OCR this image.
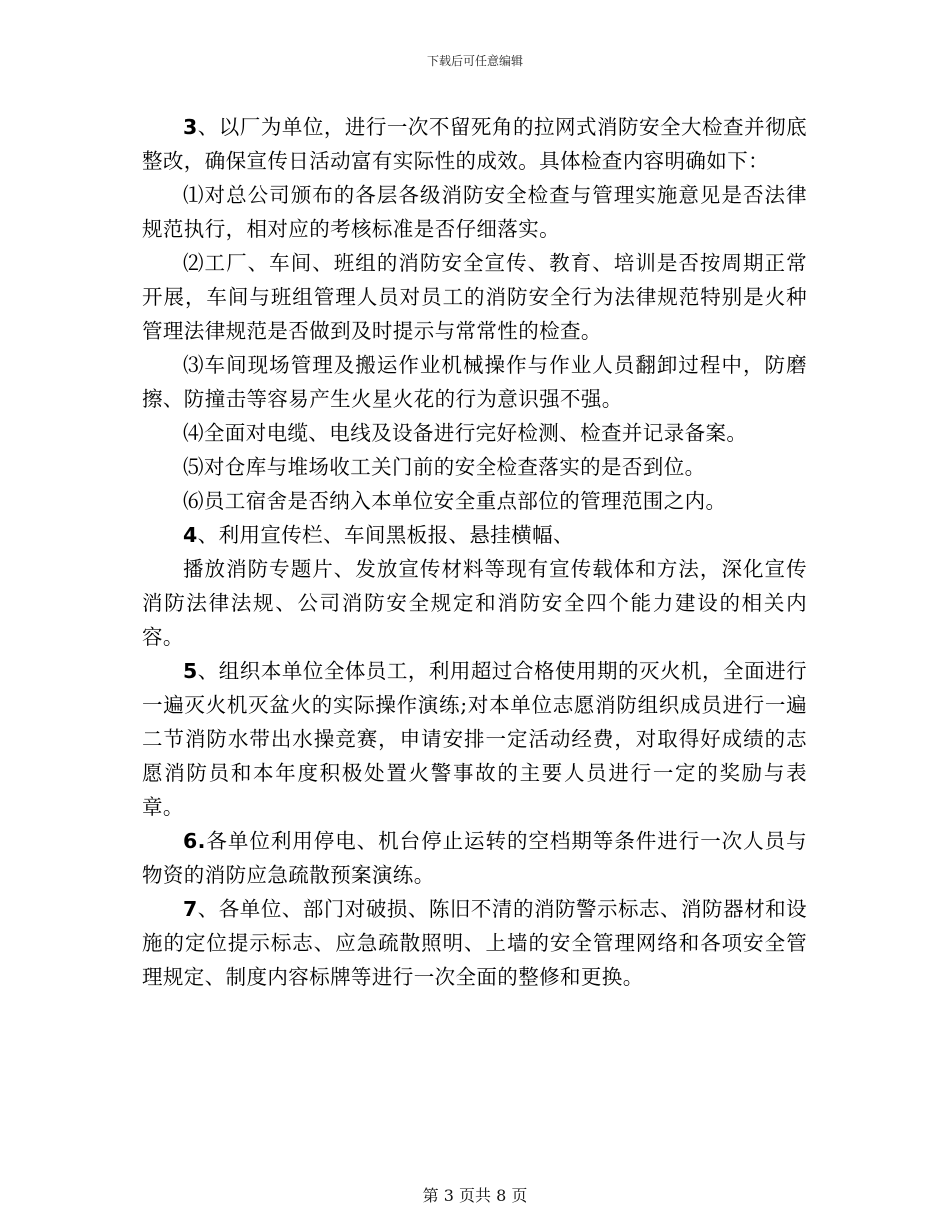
下载后可任意编辑

3、以厂为单位，进行一次不留死角的拉网式消防安全大检查并彻底整改，确保宣传日活动富有实际性的成效。具体检查内容明确如下：

⑴对总公司颁布的各层各级消防安全检查与管理实施意见是否法律规范执行，相对应的考核标准是否仔细落实。

⑵工厂、车间、班组的消防安全宣传、教育、培训是否按周期正常开展，车间与班组管理人员对员工的消防安全行为法律规范特别是火种管理法律规范是否做到及时提示与常常性的检查。

⑶车间现场管理及搬运作业机械操作与作业人员翻卸过程中，防磨擦、防撞击等容易产生火星火花的行为意识强不强。

⑷全面对电缆、电线及设备进行完好检测、检查并记录备案。

⑸对仓库与堆场收工关门前的安全检查落实的是否到位。

⑹员工宿舍是否纳入本单位安全重点部位的管理范围之内。

4、利用宣传栏、车间黑板报、悬挂横幅、

播放消防专题片、发放宣传材料等现有宣传载体和方法，深化宣传消防法律法规、公司消防安全规定和消防安全四个能力建设的相关内容。

5、组织本单位全体员工，利用超过合格使用期的灭火机，全面进行一遍灭火机灭盆火的实际操作演练;对本单位志愿消防组织成员进行一遍二节消防水带出水操竞赛，申请安排一定活动经费，对取得好成绩的志愿消防员和本年度积极处置火警事故的主要人员进行一定的奖励与表章。

6.各单位利用停电、机台停止运转的空档期等条件进行一次人员与物资的消防应急疏散预案演练。

7、各单位、部门对破损、陈旧不清的消防警示标志、消防器材和设施的定位提示标志、应急疏散照明、上墙的安全管理网络和各项安全管理规定、制度内容标牌等进行一次全面的整修和更换。

第 3 页共 8 页
